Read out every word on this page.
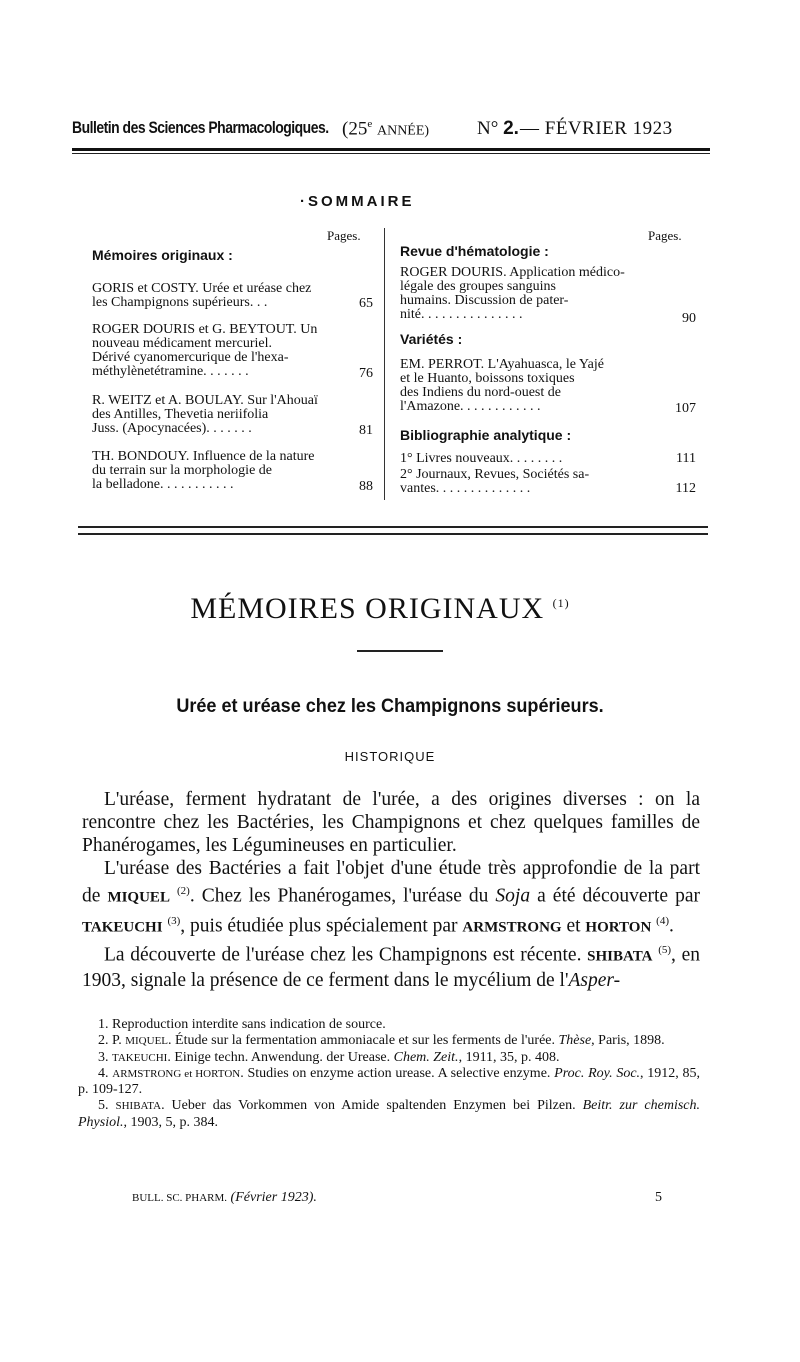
Bulletin des Sciences Pharmacologiques. (25e ANNÉE)	N° 2. — FÉVRIER 1923
·SOMMAIRE
Pages.
Mémoires originaux :
GORIS et COSTY. Urée et uréase chez
les Champignons supérieurs. . .	65
ROGER DOURIS et G. BEYTOUT. Un
nouveau médicament mercuriel.
Dérivé cyanomercurique de l'hexa-
méthylènetétramine. . . . . . .	76
R. WEITZ et A. BOULAY. Sur l'Ahouaï
des Antilles, Thevetia neriifolia
Juss. (Apocynacées). . . . . . .	81
TH. BONDOUY. Influence de la nature
du terrain sur la morphologie de
la belladone. . . . . . . . . . .	88
Pages.
Revue d'hématologie :
ROGER DOURIS. Application médico-
légale des groupes sanguins
humains. Discussion de pater-
nité. . . . . . . . . . . . . . .	90
Variétés :
EM. PERROT. L'Ayahuasca, le Yajé
et le Huanto, boissons toxiques
des Indiens du nord-ouest de
l'Amazone. . . . . . . . . . . .	107
Bibliographie analytique :
1° Livres nouveaux. . . . . . . .	111
2° Journaux, Revues, Sociétés sa-
vantes. . . . . . . . . . . . . .	112
MÉMOIRES ORIGINAUX $^{(1)}$
Urée et uréase chez les Champignons supérieurs.
HISTORIQUE

L'uréase, ferment hydratant de l'urée, a des origines diverses : on la rencontre chez les Bactéries, les Champignons et chez quelques familles de Phanérogames, les Légumineuses en particulier.

L'uréase des Bactéries a fait l'objet d'une étude très approfondie de la part de MIQUEL $^{(2)}$. Chez les Phanérogames, l'uréase du Soja a été découverte par TAKEUCHI $^{(3)}$, puis étudiée plus spécialement par ARMSTRONG et HORTON $^{(4)}$.

La découverte de l'uréase chez les Champignons est récente. SHIBATA $^{(5)}$, en 1903, signale la présence de ce ferment dans le mycélium de l'Asper-

1. Reproduction interdite sans indication de source.

2. P. MIQUEL. Étude sur la fermentation ammoniacale et sur les ferments de l'urée. Thèse, Paris, 1898.

3. TAKEUCHI. Einige techn. Anwendung. der Urease. Chem. Zeit., 1911, 35, p. 408.

4. ARMSTRONG et HORTON. Studies on enzyme action urease. A selective enzyme. Proc. Roy. Soc., 1912, 85, p. 109-127.

5. SHIBATA. Ueber das Vorkommen von Amide spaltenden Enzymen bei Pilzen. Beitr. zur chemisch. Physiol., 1903, 5, p. 384.

BULL. SC. PHARM. (Février 1923).	5
